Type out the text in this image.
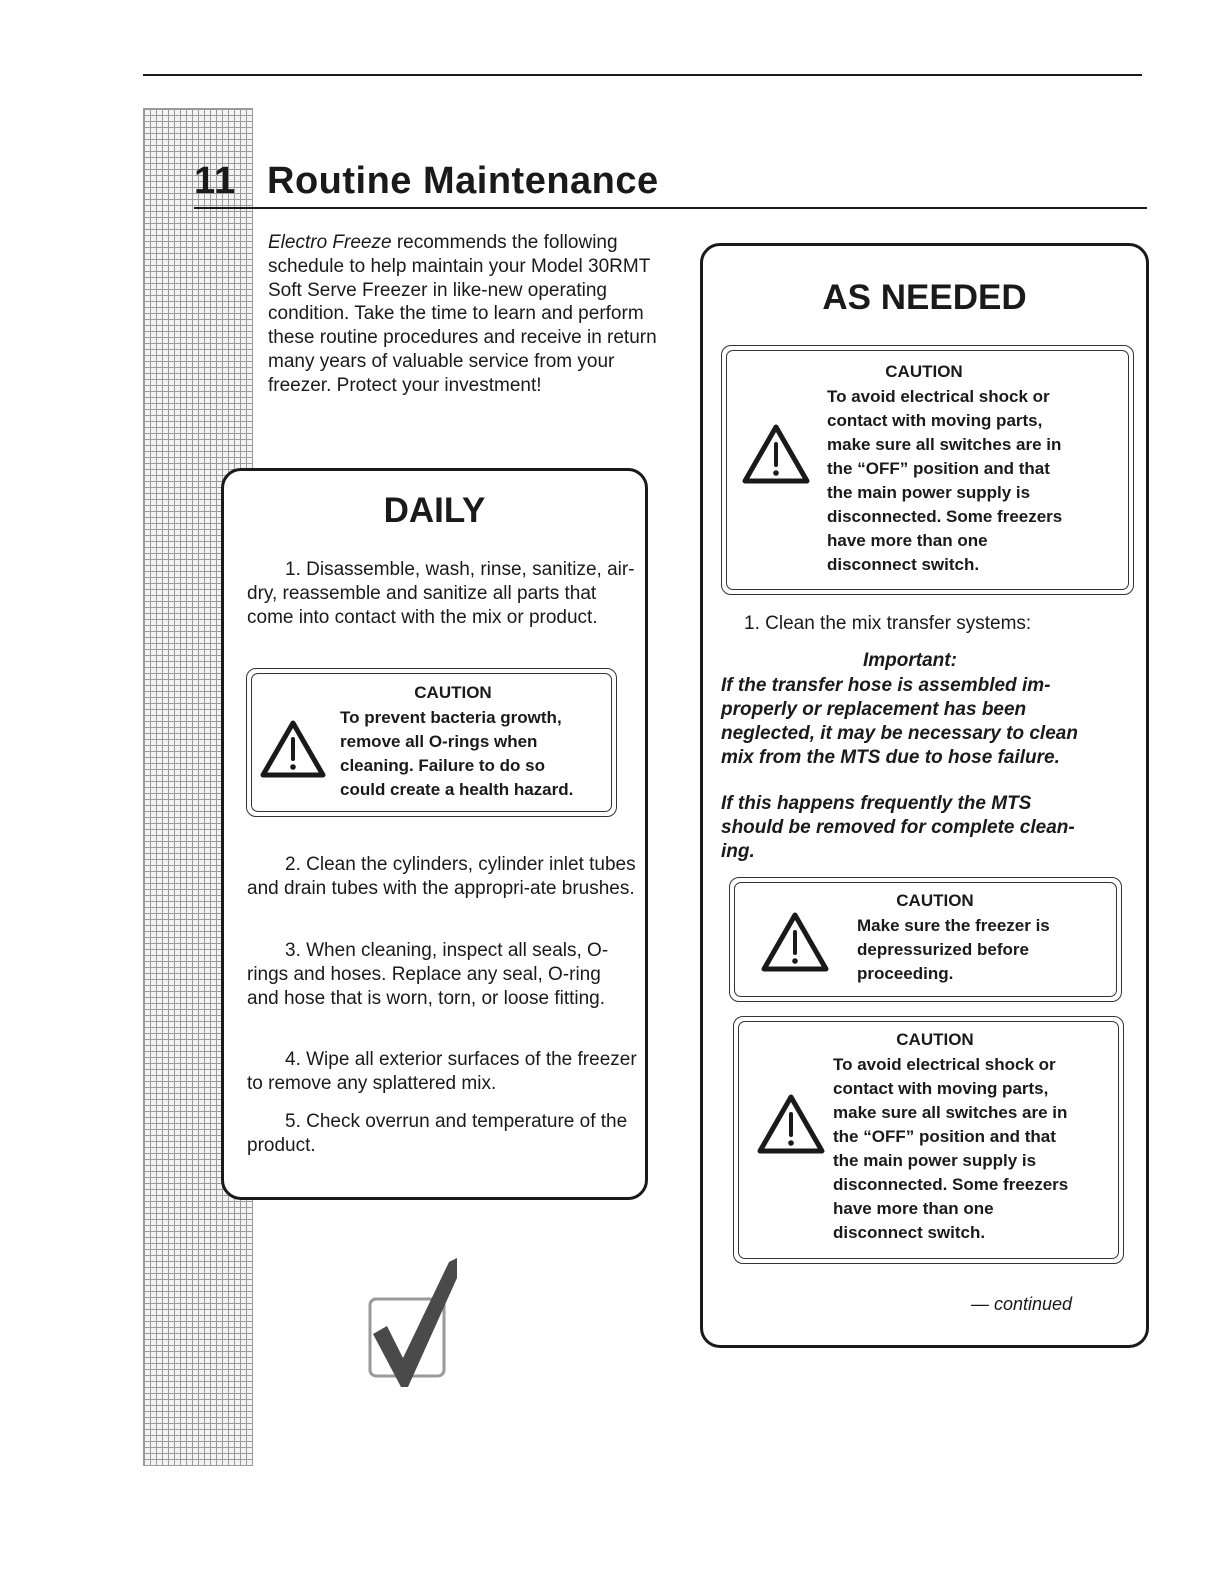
11 Routine Maintenance
Electro Freeze recommends the following schedule to help maintain your Model 30RMT Soft Serve Freezer in like-new operating condition. Take the time to learn and perform these routine procedures and receive in return many years of valuable service from your freezer. Protect your investment!
DAILY

1. Disassemble, wash, rinse, sanitize, air-dry, reassemble and sanitize all parts that come into contact with the mix or product.

CAUTION
To prevent bacteria growth,
remove all O-rings when
cleaning. Failure to do so
could create a health hazard.

2. Clean the cylinders, cylinder inlet tubes and drain tubes with the appropri-ate brushes.

3. When cleaning, inspect all seals, O-rings and hoses. Replace any seal, O-ring and hose that is worn, torn, or loose fitting.

4. Wipe all exterior surfaces of the freezer to remove any splattered mix.

5. Check overrun and temperature of the product.

AS NEEDED
CAUTION
To avoid electrical shock or
contact with moving parts,
make sure all switches are in
the “OFF” position and that
the main power supply is
disconnected. Some freezers
have more than one
disconnect switch.

1. Clean the mix transfer systems:

Important:
If the transfer hose is assembled im-
properly or replacement has been
neglected, it may be necessary to clean
mix from the MTS due to hose failure.
If this happens frequently the MTS
should be removed for complete clean-
ing.
CAUTION
Make sure the freezer is
depressurized before
proceeding.
CAUTION
To avoid electrical shock or
contact with moving parts,
make sure all switches are in
the “OFF” position and that
the main power supply is
disconnected. Some freezers
have more than one
disconnect switch.
— continued
